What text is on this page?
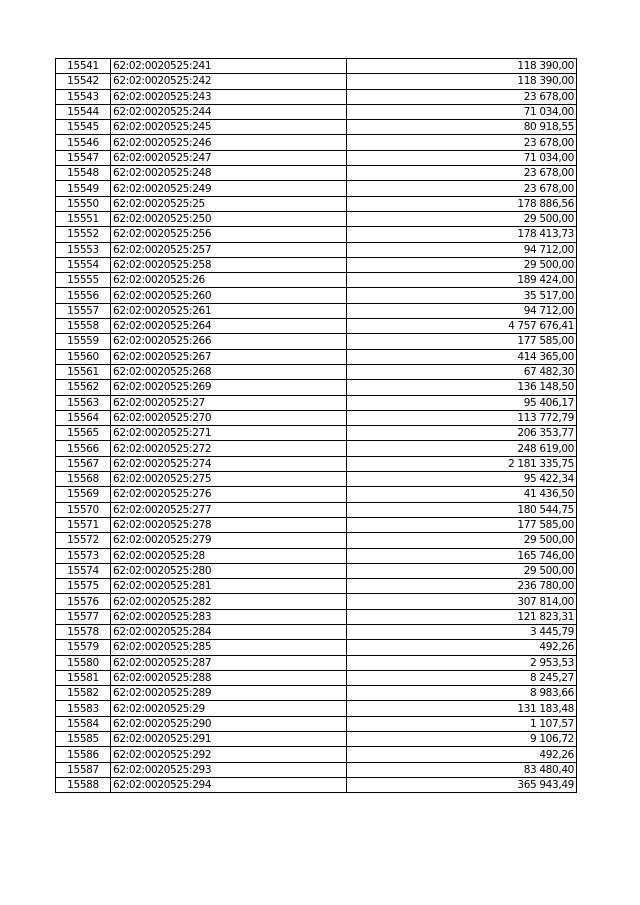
15541	62:02:0020525:241	118 390,00
15542	62:02:0020525:242	118 390,00
15543	62:02:0020525:243	23 678,00
15544	62:02:0020525:244	71 034,00
15545	62:02:0020525:245	80 918,55
15546	62:02:0020525:246	23 678,00
15547	62:02:0020525:247	71 034,00
15548	62:02:0020525:248	23 678,00
15549	62:02:0020525:249	23 678,00
15550	62:02:0020525:25	178 886,56
15551	62:02:0020525:250	29 500,00
15552	62:02:0020525:256	178 413,73
15553	62:02:0020525:257	94 712,00
15554	62:02:0020525:258	29 500,00
15555	62:02:0020525:26	189 424,00
15556	62:02:0020525:260	35 517,00
15557	62:02:0020525:261	94 712,00
15558	62:02:0020525:264	4 757 676,41
15559	62:02:0020525:266	177 585,00
15560	62:02:0020525:267	414 365,00
15561	62:02:0020525:268	67 482,30
15562	62:02:0020525:269	136 148,50
15563	62:02:0020525:27	95 406,17
15564	62:02:0020525:270	113 772,79
15565	62:02:0020525:271	206 353,77
15566	62:02:0020525:272	248 619,00
15567	62:02:0020525:274	2 181 335,75
15568	62:02:0020525:275	95 422,34
15569	62:02:0020525:276	41 436,50
15570	62:02:0020525:277	180 544,75
15571	62:02:0020525:278	177 585,00
15572	62:02:0020525:279	29 500,00
15573	62:02:0020525:28	165 746,00
15574	62:02:0020525:280	29 500,00
15575	62:02:0020525:281	236 780,00
15576	62:02:0020525:282	307 814,00
15577	62:02:0020525:283	121 823,31
15578	62:02:0020525:284	3 445,79
15579	62:02:0020525:285	492,26
15580	62:02:0020525:287	2 953,53
15581	62:02:0020525:288	8 245,27
15582	62:02:0020525:289	8 983,66
15583	62:02:0020525:29	131 183,48
15584	62:02:0020525:290	1 107,57
15585	62:02:0020525:291	9 106,72
15586	62:02:0020525:292	492,26
15587	62:02:0020525:293	83 480,40
15588	62:02:0020525:294	365 943,49
